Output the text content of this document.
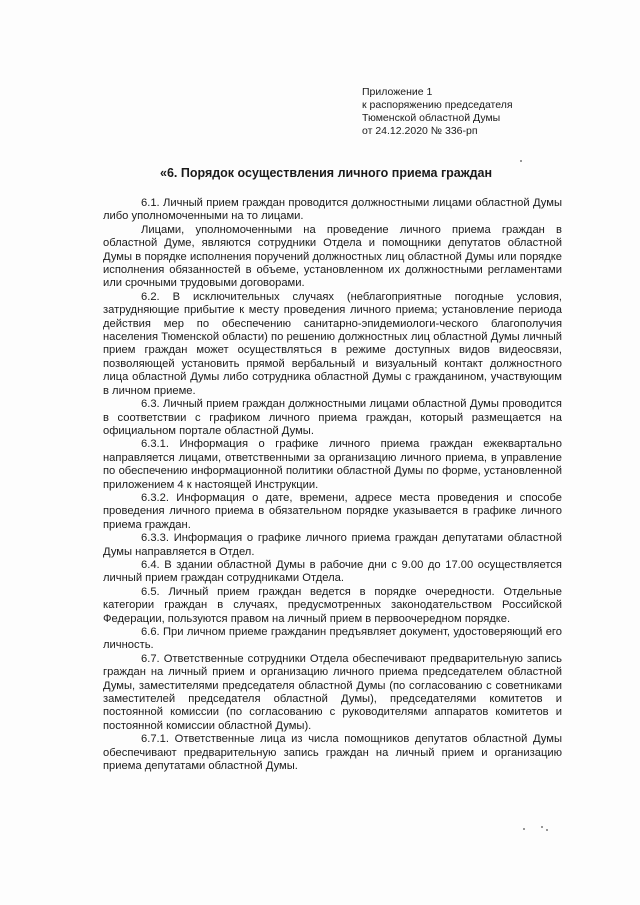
Приложение 1
к распоряжению председателя
Тюменской областной Думы
от 24.12.2020 № 336-рп
«6. Порядок осуществления личного приема граждан

6.1. Личный прием граждан проводится должностными лицами областной Думы либо уполномоченными на то лицами.

Лицами, уполномоченными на проведение личного приема граждан в областной Думе, являются сотрудники Отдела и помощники депутатов областной Думы в порядке исполнения поручений должностных лиц областной Думы или порядке исполнения обязанностей в объеме, установленном их должностными регламентами или срочными трудовыми договорами.

6.2. В исключительных случаях (неблагоприятные погодные условия, затрудняющие прибытие к месту проведения личного приема; установление периода действия мер по обеспечению санитарно-эпидемиологи-ческого благополучия населения Тюменской области) по решению должностных лиц областной Думы личный прием граждан может осуществляться в режиме доступных видов видеосвязи, позволяющей установить прямой вербальный и визуальный контакт должностного лица областной Думы либо сотрудника областной Думы с гражданином, участвующим в личном приеме.

6.3. Личный прием граждан должностными лицами областной Думы проводится в соответствии с графиком личного приема граждан, который размещается на официальном портале областной Думы.

6.3.1. Информация о графике личного приема граждан ежеквартально направляется лицами, ответственными за организацию личного приема, в управление по обеспечению информационной политики областной Думы по форме, установленной приложением 4 к настоящей Инструкции.

6.3.2. Информация о дате, времени, адресе места проведения и способе проведения личного приема в обязательном порядке указывается в графике личного приема граждан.

6.3.3. Информация о графике личного приема граждан депутатами областной Думы направляется в Отдел.

6.4. В здании областной Думы в рабочие дни с 9.00 до 17.00 осуществляется личный прием граждан сотрудниками Отдела.

6.5. Личный прием граждан ведется в порядке очередности. Отдельные категории граждан в случаях, предусмотренных законодательством Российской Федерации, пользуются правом на личный прием в первоочередном порядке.

6.6. При личном приеме гражданин предъявляет документ, удостоверяющий его личность.

6.7. Ответственные сотрудники Отдела обеспечивают предварительную запись граждан на личный прием и организацию личного приема председателем областной Думы, заместителями председателя областной Думы (по согласованию с советниками заместителей председателя областной Думы), председателями комитетов и постоянной комиссии (по согласованию с руководителями аппаратов комитетов и постоянной комиссии областной Думы).

6.7.1. Ответственные лица из числа помощников депутатов областной Думы обеспечивают предварительную запись граждан на личный прием и организацию приема депутатами областной Думы.
